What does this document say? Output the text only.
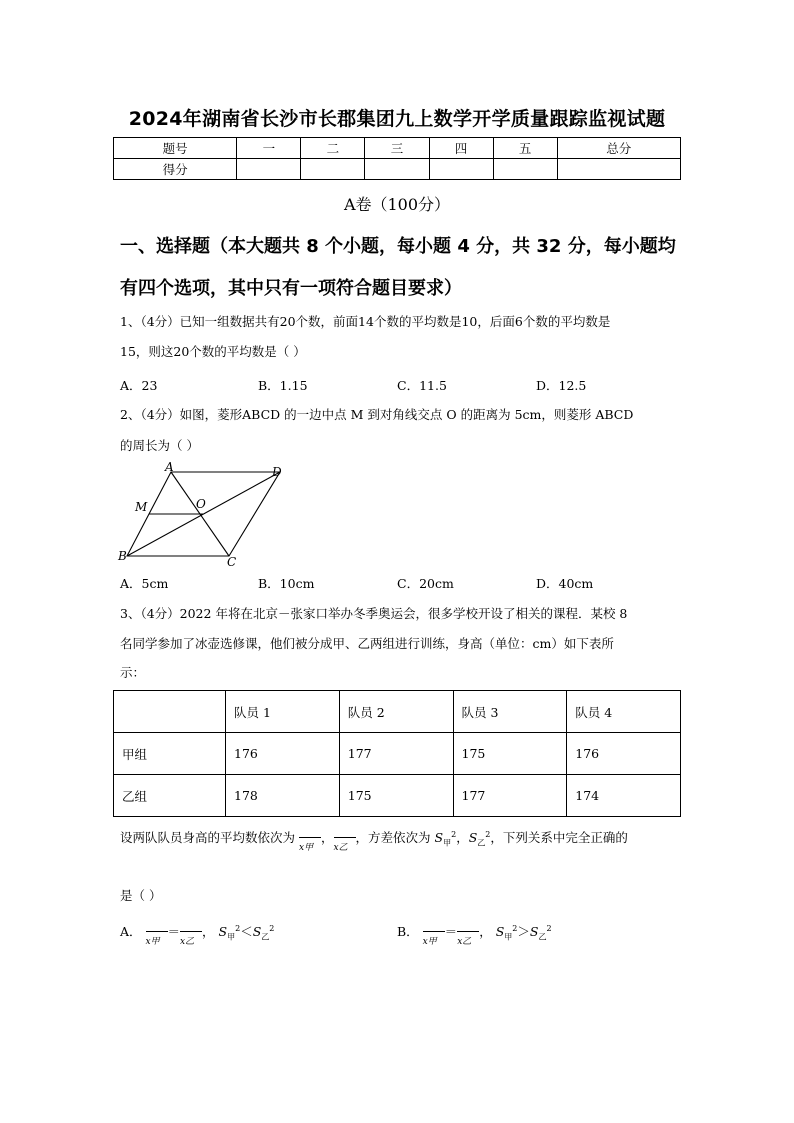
2024年湖南省长沙市长郡集团九上数学开学质量跟踪监视试题
题号	一	二	三	四	五	总分
得分						
A卷（100分）
一、选择题（本大题共 8 个小题，每小题 4 分，共 32 分，每小题均
有四个选项，其中只有一项符合题目要求）
1、（4分）已知一组数据共有20个数，前面14个数的平均数是10，后面6个数的平均数是
15，则这20个数的平均数是（ ）
A．23	B．1.15	C．11.5	D．12.5
2、（4分）如图，菱形ABCD 的一边中点 M 到对角线交点 O 的距离为 5cm，则菱形 ABCD
的周长为（ ）
A	D
B	C
M	O
A．5cm	B．10cm	C．20cm	D．40cm
3、（4分）2022 年将在北京－张家口举办冬季奥运会，很多学校开设了相关的课程．某校 8
名同学参加了冰壶选修课，他们被分成甲、乙两组进行训练，身高（单位：cm）如下表所
示：
	队员 1	队员 2	队员 3	队员 4
甲组	176	177	175	176
乙组	178	175	177	174
设两队队员身高的平均数依次为
x甲
，
x乙
，方差依次为 $S_甲^2$，$S_乙^2$，下列关系中完全正确的
是（ ）
A．
x甲
＝
x乙
， $S_甲^2<S_乙^2$	B．
x甲
＝
x乙
， $S_甲^2>S_乙^2$
